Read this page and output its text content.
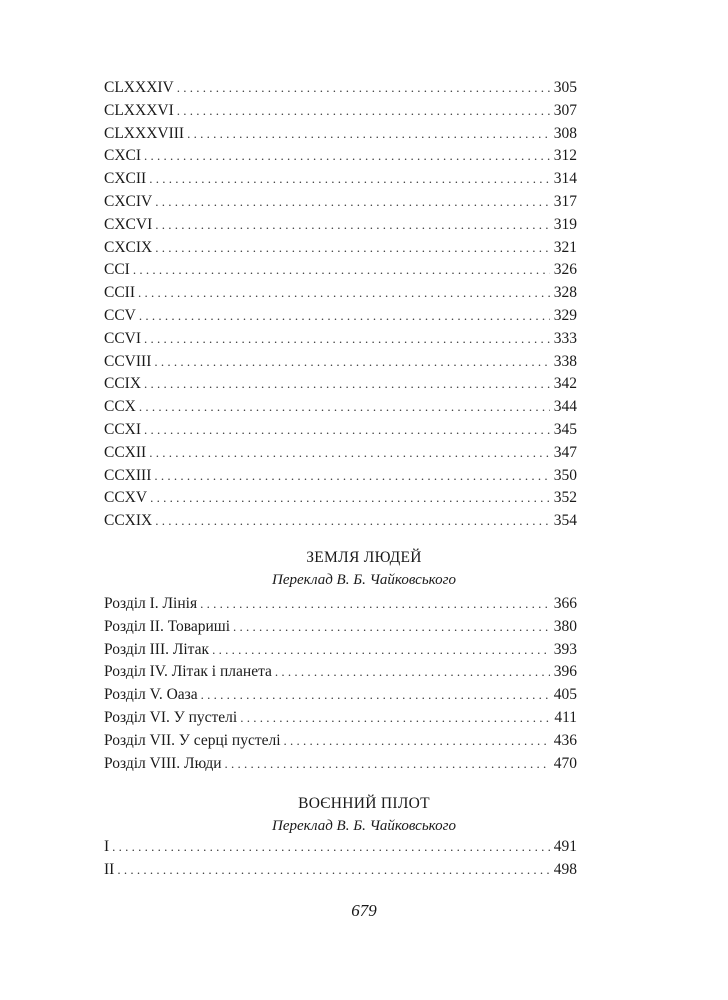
CLXXXIV . . .	305
CLXXXVI . . .	307
CLXXXVIII . . .	308
CXCI . . .	312
CXCII . . .	314
CXCIV . . .	317
CXCVI . . .	319
CXCIX . . .	321
CCI . . .	326
CCII . . .	328
CCV . . .	329
CCVI . . .	333
CCVIII . . .	338
CCIX . . .	342
CCX . . .	344
CCXI . . .	345
CCXII . . .	347
CCXIII . . .	350
CCXV . . .	352
CCXIX . . .	354
ЗЕМЛЯ ЛЮДЕЙ
Переклад В. Б. Чайковського
Розділ I. Лінія . . .	366
Розділ II. Товариші . . .	380
Розділ III. Літак . . .	393
Розділ IV. Літак і планета . . .	396
Розділ V. Оаза . . .	405
Розділ VI. У пустелі . . .	411
Розділ VII. У серці пустелі . . .	436
Розділ VIII. Люди . . .	470
ВОЄННИЙ ПІЛОТ
Переклад В. Б. Чайковського
I . . .	491
II . . .	498
679
